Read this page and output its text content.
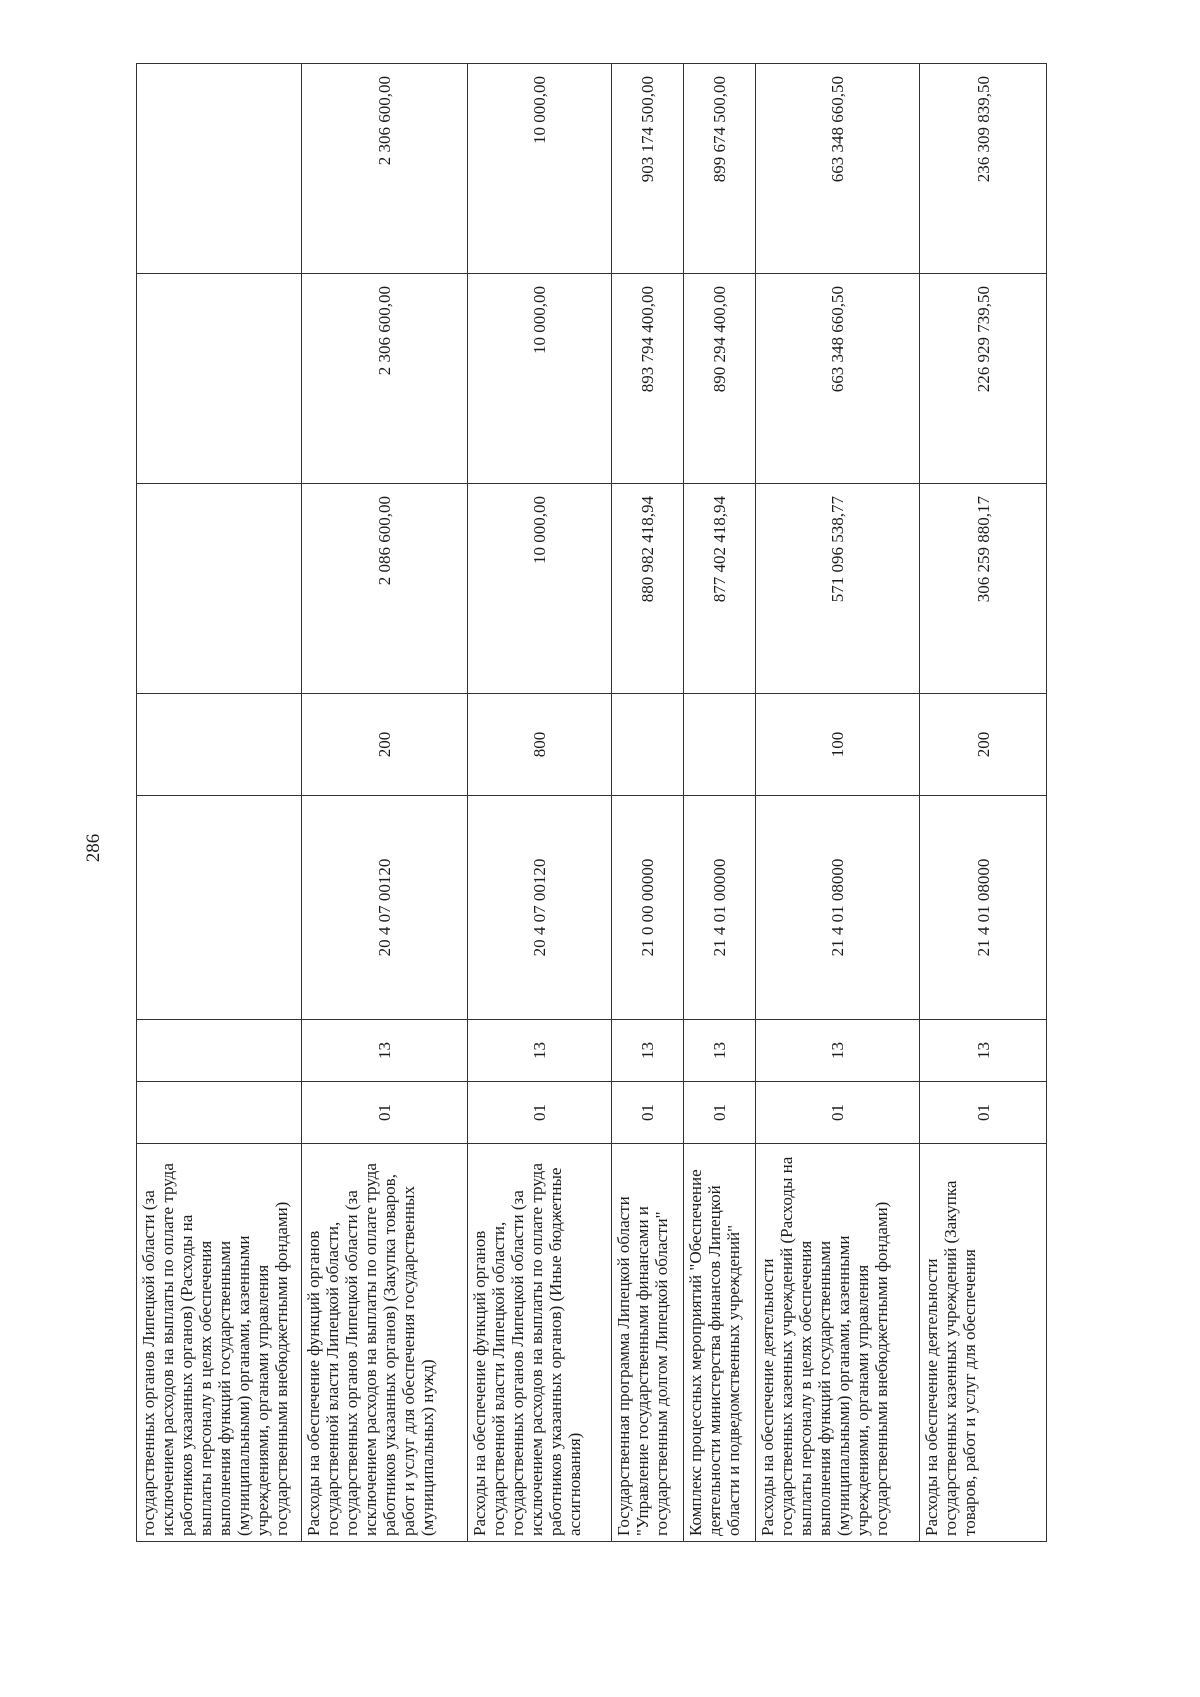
286
государственных органов Липецкой области (за исключением расходов на выплаты по оплате труда работников указанных органов) (Расходы на выплаты персоналу в целях обеспечения выполнения функций государственными (муниципальными) органами, казенными учреждениями, органами управления государственными внебюджетными фондами)							
Расходы на обеспечение функций органов государственной власти Липецкой области, государственных органов Липецкой области (за исключением расходов на выплаты по оплате труда работников указанных органов) (Закупка товаров, работ и услуг для обеспечения государственных (муниципальных) нужд)	01	13	20 4 07 00120	200	2 086 600,00	2 306 600,00	2 306 600,00
Расходы на обеспечение функций органов государственной власти Липецкой области, государственных органов Липецкой области (за исключением расходов на выплаты по оплате труда работников указанных органов) (Иные бюджетные ассигнования)	01	13	20 4 07 00120	800	10 000,00	10 000,00	10 000,00
Государственная программа Липецкой области "Управление государственными финансами и государственным долгом Липецкой области"	01	13	21 0 00 00000		880 982 418,94	893 794 400,00	903 174 500,00
Комплекс процессных мероприятий "Обеспечение деятельности министерства финансов Липецкой области и подведомственных учреждений"	01	13	21 4 01 00000		877 402 418,94	890 294 400,00	899 674 500,00
Расходы на обеспечение деятельности государственных казенных учреждений (Расходы на выплаты персоналу в целях обеспечения выполнения функций государственными (муниципальными) органами, казенными учреждениями, органами управления государственными внебюджетными фондами)	01	13	21 4 01 08000	100	571 096 538,77	663 348 660,50	663 348 660,50
Расходы на обеспечение деятельности государственных казенных учреждений (Закупка товаров, работ и услуг для обеспечения	01	13	21 4 01 08000	200	306 259 880,17	226 929 739,50	236 309 839,50
